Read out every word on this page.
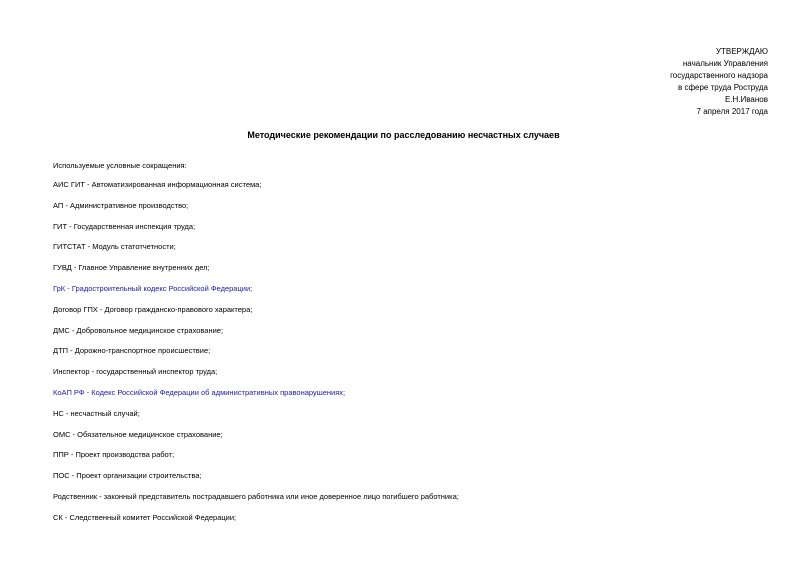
УТВЕРЖДАЮ
начальник Управления
государственного надзора
в сфере труда Роструда
Е.Н.Иванов
7 апреля 2017 года
Методические рекомендации по расследованию несчастных случаев
Используемые условные сокращения:
АИС ГИТ - Автоматизированная информационная система;
АП - Административное производство;
ГИТ - Государственная инспекция труда;
ГИТСТАТ - Модуль статотчетности;
ГУВД - Главное Управление внутренних дел;
ГрК - Градостроительный кодекс Российской Федерации;
Договор ГПХ - Договор гражданско-правового характера;
ДМС - Добровольное медицинское страхование;
ДТП - Дорожно-транспортное происшествие;
Инспектор - государственный инспектор труда;
КоАП РФ - Кодекс Российской Федерации об административных правонарушениях;
НС - несчастный случай;
ОМС - Обязательное медицинское страхование;
ППР - Проект производства работ;
ПОС - Проект организации строительства;
Родственник - законный представитель пострадавшего работника или иное доверенное лицо погибшего работника;
СК - Следственный комитет Российской Федерации;
